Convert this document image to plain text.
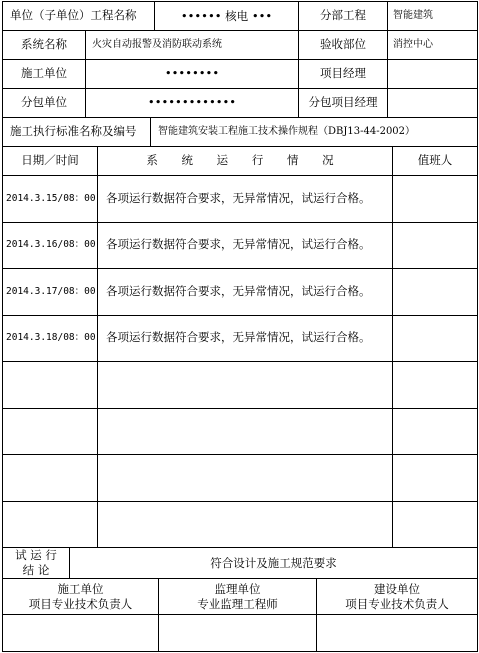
单位（子单位）工程名称	•••••• 核电 •••	分部工程	智能建筑
系统名称	火灾自动报警及消防联动系统	验收部位	消控中心
施工单位	••••••••	项目经理
分包单位	•••••••••••••	分包项目经理
施工执行标准名称及编号 智能建筑安装工程施工技术操作规程（DBJ13-44-2002）
日期／时间	系 统 运 行 情 况	值班人
2014.3.15/08：00 各项运行数据符合要求，无异常情况，试运行合格。
2014.3.16/08：00 各项运行数据符合要求，无异常情况，试运行合格。
2014.3.17/08：00 各项运行数据符合要求，无异常情况，试运行合格。
2014.3.18/08：00 各项运行数据符合要求，无异常情况，试运行合格。
试 运 行
结 论	符合设计及施工规范要求
施工单位
项目专业技术负责人
监理单位
专业监理工程师
建设单位
项目专业技术负责人
